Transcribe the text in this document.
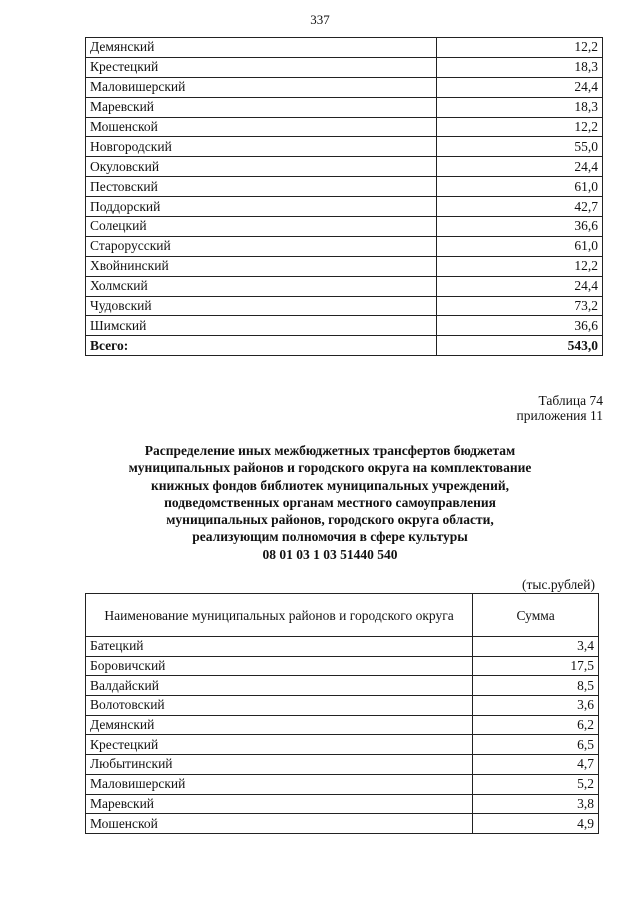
337
Демянский	12,2
Крестецкий	18,3
Маловишерский	24,4
Маревский	18,3
Мошенской	12,2
Новгородский	55,0
Окуловский	24,4
Пестовский	61,0
Поддорский	42,7
Солецкий	36,6
Старорусский	61,0
Хвойнинский	12,2
Холмский	24,4
Чудовский	73,2
Шимский	36,6
Всего:	543,0
Таблица 74
приложения 11
Распределение иных межбюджетных трансфертов бюджетам
муниципальных районов и городского округа на комплектование
книжных фондов библиотек муниципальных учреждений,
подведомственных органам местного самоуправления
муниципальных районов, городского округа области,
реализующим полномочия в сфере культуры
08 01 03 1 03 51440 540
(тыс.рублей)
Наименование муниципальных районов и городского округа	Сумма
Батецкий	3,4
Боровичский	17,5
Валдайский	8,5
Волотовский	3,6
Демянский	6,2
Крестецкий	6,5
Любытинский	4,7
Маловишерский	5,2
Маревский	3,8
Мошенской	4,9
